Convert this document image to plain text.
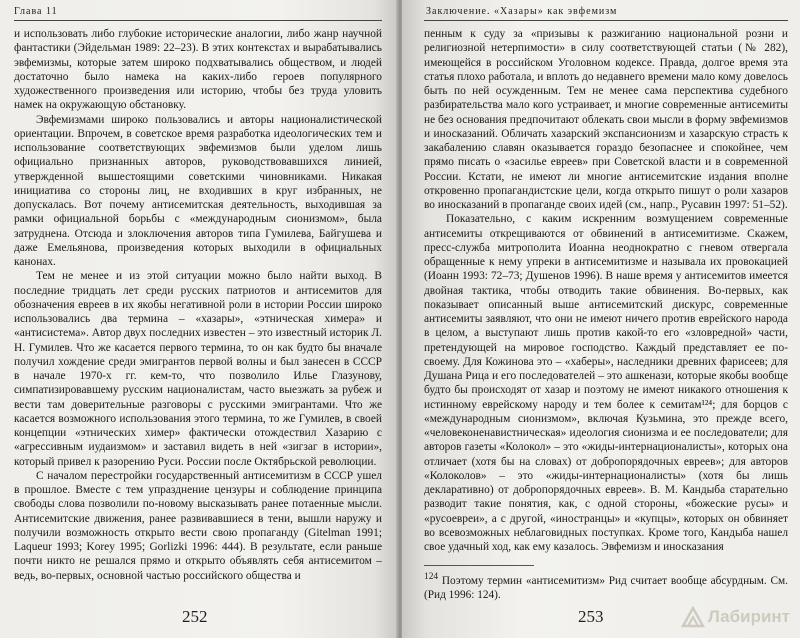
Глава 11

и использовать либо глубокие исторические аналогии, либо жанр научной фантастики (Эйдельман 1989: 22–23). В этих контекстах и вырабатывались эвфемизмы, которые затем широко подхватывались обществом, и людей достаточно было намека на каких-либо героев популярного художественного произведения или историю, чтобы без труда уловить намек на окружающую обстановку.

Эвфемизмами широко пользовались и авторы националистической ориентации. Впрочем, в советское время разработка идеологических тем и использование соответствующих эвфемизмов были уделом лишь официально признанных авторов, руководствовавшихся линией, утвержденной вышестоящими советскими чиновниками. Никакая инициатива со стороны лиц, не входивших в круг избранных, не допускалась. Вот почему антисемитская деятельность, выходившая за рамки официальной борьбы с «международным сионизмом», была затруднена. Отсюда и злоключения авторов типа Гумилева, Байгушева и даже Емельянова, произведения которых выходили в официальных канонах.

Тем не менее и из этой ситуации можно было найти выход. В последние тридцать лет среди русских патриотов и антисемитов для обозначения евреев в их якобы негативной роли в истории России широко использовались два термина – «хазары», «этническая химера» и «антисистема». Автор двух последних известен – это известный историк Л. Н. Гумилев. Что же касается первого термина, то он как будто бы вначале получил хождение среди эмигрантов первой волны и был занесен в СССР в начале 1970-х гг. кем-то, что позволило Илье Глазунову, симпатизировавшему русским националистам, часто выезжать за рубеж и вести там доверительные разговоры с русскими эмигрантами. Что же касается возможного использования этого термина, то же Гумилев, в своей концепции «этнических химер» фактически отождествил Хазарию с «агрессивным иудаизмом» и заставил видеть в ней «зигзаг в истории», который привел к разорению Руси. России после Октябрьской революции.

С началом перестройки государственный антисемитизм в СССР ушел в прошлое. Вместе с тем упразднение цензуры и соблюдение принципа свободы слова позволили по-новому высказывать ранее потаенные мысли. Антисемитские движения, ранее развивавшиеся в тени, вышли наружу и получили возможность открыто вести свою пропаганду (Gitelman 1991; Laqueur 1993; Korey 1995; Gorlizki 1996: 444). В результате, если раньше почти никто не решался прямо и открыто объявлять себя антисемитом – ведь, во-первых, основной частью российского общества и

252
Заключение. «Хазары» как эвфемизм

пенным к суду за «призывы к разжиганию национальной розни и религиозной нетерпимости» в силу соответствующей статьи (№ 282), имеющейся в российском Уголовном кодексе. Правда, долгое время эта статья плохо работала, и вплоть до недавнего времени мало кому довелось быть по ней осужденным. Тем не менее сама перспектива судебного разбирательства мало кого устраивает, и многие современные антисемиты не без основания предпочитают облекать свои мысли в форму эвфемизмов и иносказаний. Обличать хазарский экспансионизм и хазарскую страсть к закабалению славян оказывается гораздо безопаснее и спокойнее, чем прямо писать о «засилье евреев» при Советской власти и в современной России. Кстати, не имеют ли многие антисемитские издания вполне откровенно пропагандистские цели, когда открыто пишут о роли хазаров во иносказаний в пропаганде своих идей (см., напр., Русавин 1997: 51–52).

Показательно, с каким искренним возмущением современные антисемиты открещиваются от обвинений в антисемитизме. Скажем, пресс-служба митрополита Иоанна неоднократно с гневом отвергала обращенные к нему упреки в антисемитизме и называла их провокацией (Иоанн 1993: 72–73; Душенов 1996). В наше время у антисемитов имеется двойная тактика, чтобы отводить такие обвинения. Во-первых, как показывает описанный выше антисемитский дискурс, современные антисемиты заявляют, что они не имеют ничего против еврейского народа в целом, а выступают лишь против какой-то его «зловредной» части, претендующей на мировое господство. Каждый представляет ее по-своему. Для Кожинова это – «хаберы», наследники древних фарисеев; для Душана Рица и его последователей – это ашкенази, которые якобы вообще будто бы происходят от хазар и поэтому не имеют никакого отношения к истинному еврейскому народу и тем более к семитам¹²⁴; для борцов с «международным сионизмом», включая Кузьмина, это прежде всего, «человеконенавистническая» идеология сионизма и ее последователи; для авторов газеты «Колокол» – это «жиды-интернационалисты», которых она отличает (хотя бы на словах) от добропорядочных евреев»; для авторов «Колоколов» – это «жиды-интернационалисты» (хотя бы лишь декларативно) от добропорядочных евреев». В. М. Кандыба старательно разводит такие понятия, как, с одной стороны, «божеские русы» и «русоевреи», а с другой, «иностранцы» и «купцы», которых он обвиняет во всевозможных неблаговидных поступках. Кроме того, Кандыба нашел свое удачный ход, как ему казалось. Эвфемизм и иносказания

$^{124}$ Поэтому термин «антисемитизм» Рид считает вообще абсурдным. См. (Рид 1996: 124).
253	Лабиринт
